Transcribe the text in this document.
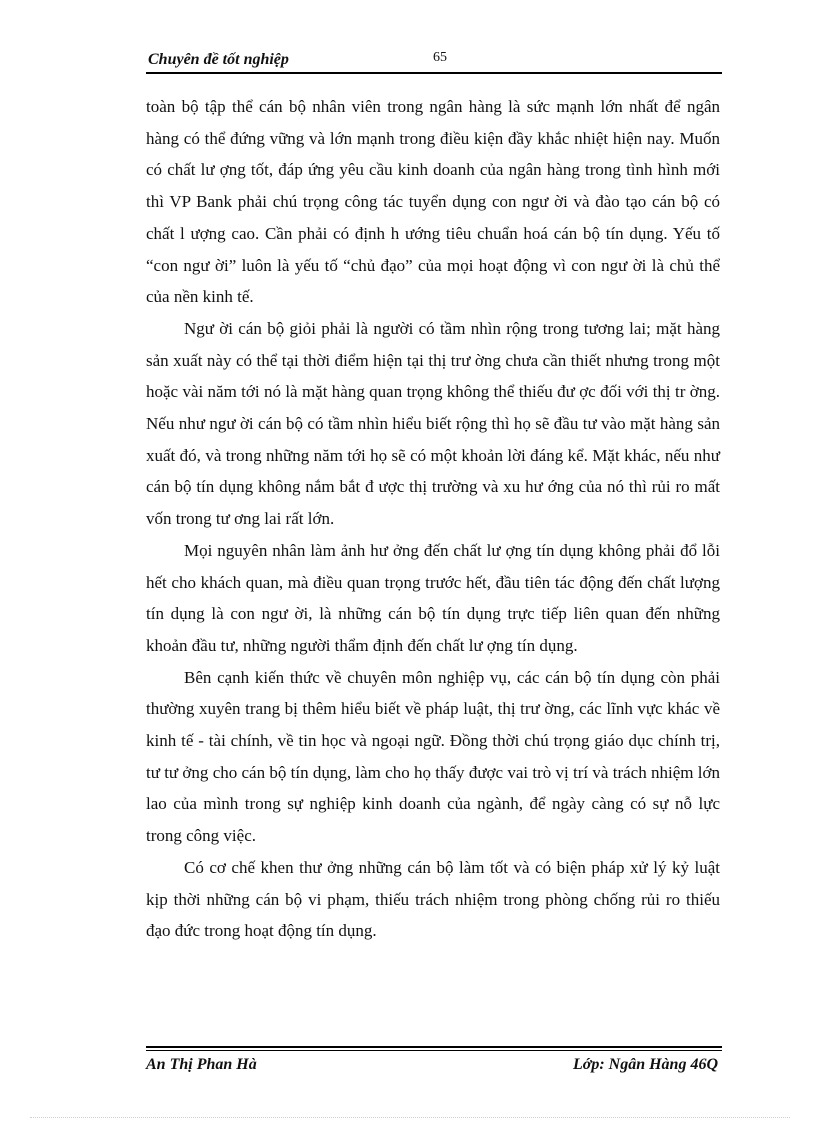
Chuyên đề tốt nghiệp	65

toàn bộ tập thể cán bộ nhân viên trong ngân hàng là sức mạnh lớn nhất để ngân hàng có thể đứng vững và lớn mạnh trong điều kiện đầy khắc nhiệt hiện nay. Muốn có chất lư ợng tốt, đáp ứng yêu cầu kinh doanh của ngân hàng trong tình hình mới thì VP Bank phải chú trọng công tác tuyển dụng con ngư ời và đào tạo cán bộ có chất l ượng cao. Cần phải có định h ướng tiêu chuẩn hoá cán bộ tín dụng. Yếu tố “con ngư ời” luôn là yếu tố “chủ đạo” của mọi hoạt động vì con ngư ời là chủ thể của nền kinh tế.

Ngư ời cán bộ giỏi phải là người có tầm nhìn rộng trong tương lai; mặt hàng sản xuất này có thể tại thời điểm hiện tại thị trư ờng chưa cần thiết nhưng trong một hoặc vài năm tới nó là mặt hàng quan trọng không thể thiếu đư ợc đối với thị tr ờng. Nếu như ngư ời cán bộ có tầm nhìn hiểu biết rộng thì họ sẽ đầu tư vào mặt hàng sản xuất đó, và trong những năm tới họ sẽ có một khoản lời đáng kể. Mặt khác, nếu như cán bộ tín dụng không nắm bắt đ ược thị trường và xu hư ớng của nó thì rủi ro mất vốn trong tư ơng lai rất lớn.

Mọi nguyên nhân làm ảnh hư ởng đến chất lư ợng tín dụng không phải đổ lỗi hết cho khách quan, mà điều quan trọng trước hết, đầu tiên tác động đến chất lượng tín dụng là con ngư ời, là những cán bộ tín dụng trực tiếp liên quan đến những khoản đầu tư, những người thẩm định đến chất lư ợng tín dụng.

Bên cạnh kiến thức về chuyên môn nghiệp vụ, các cán bộ tín dụng còn phải thường xuyên trang bị thêm hiểu biết về pháp luật, thị trư ờng, các lĩnh vực khác về kinh tế - tài chính, về tin học và ngoại ngữ. Đồng thời chú trọng giáo dục chính trị, tư tư ởng cho cán bộ tín dụng, làm cho họ thấy được vai trò vị trí và trách nhiệm lớn lao của mình trong sự nghiệp kinh doanh của ngành, để ngày càng có sự nỗ lực trong công việc.

Có cơ chế khen thư ởng những cán bộ làm tốt và có biện pháp xử lý kỷ luật kịp thời những cán bộ vi phạm, thiếu trách nhiệm trong phòng chống rủi ro thiếu đạo đức trong hoạt động tín dụng.

An Thị Phan Hà	Lớp: Ngân Hàng 46Q
